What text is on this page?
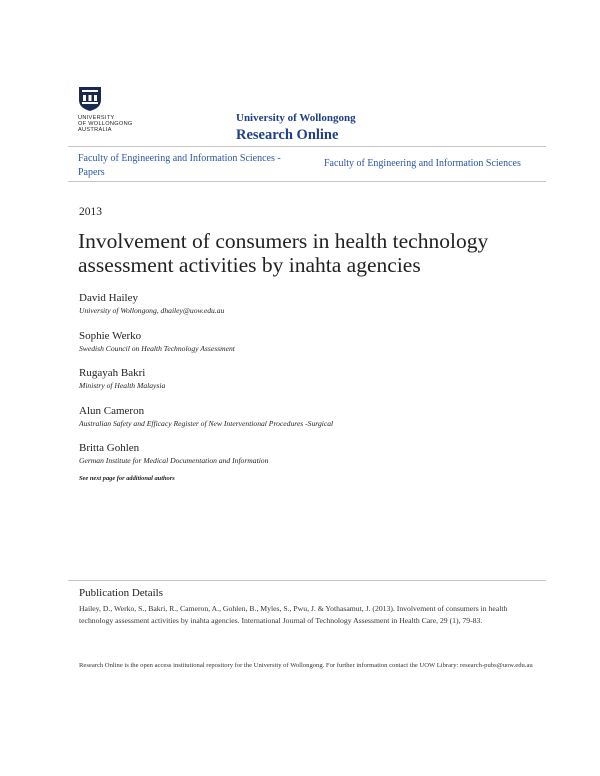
UNIVERSITY
OF WOLLONGONG
AUSTRALIA
University of Wollongong
Research Online
Faculty of Engineering and Information Sciences - Papers
Faculty of Engineering and Information Sciences
2013
Involvement of consumers in health technology assessment activities by inahta agencies
David Hailey
University of Wollongong, dhailey@uow.edu.au
Sophie Werko
Swedish Council on Health Technology Assessment
Rugayah Bakri
Ministry of Health Malaysia
Alun Cameron
Australian Safety and Efficacy Register of New Interventional Procedures -Surgical
Britta Gohlen
German Institute for Medical Documentation and Information
See next page for additional authors
Publication Details
Hailey, D., Werko, S., Bakri, R., Cameron, A., Gohlen, B., Myles, S., Pwu, J. & Yothasamut, J. (2013). Involvement of consumers in health technology assessment activities by inahta agencies. International Journal of Technology Assessment in Health Care, 29 (1), 79-83.
Research Online is the open access institutional repository for the University of Wollongong. For further information contact the UOW Library: research-pubs@uow.edu.au
